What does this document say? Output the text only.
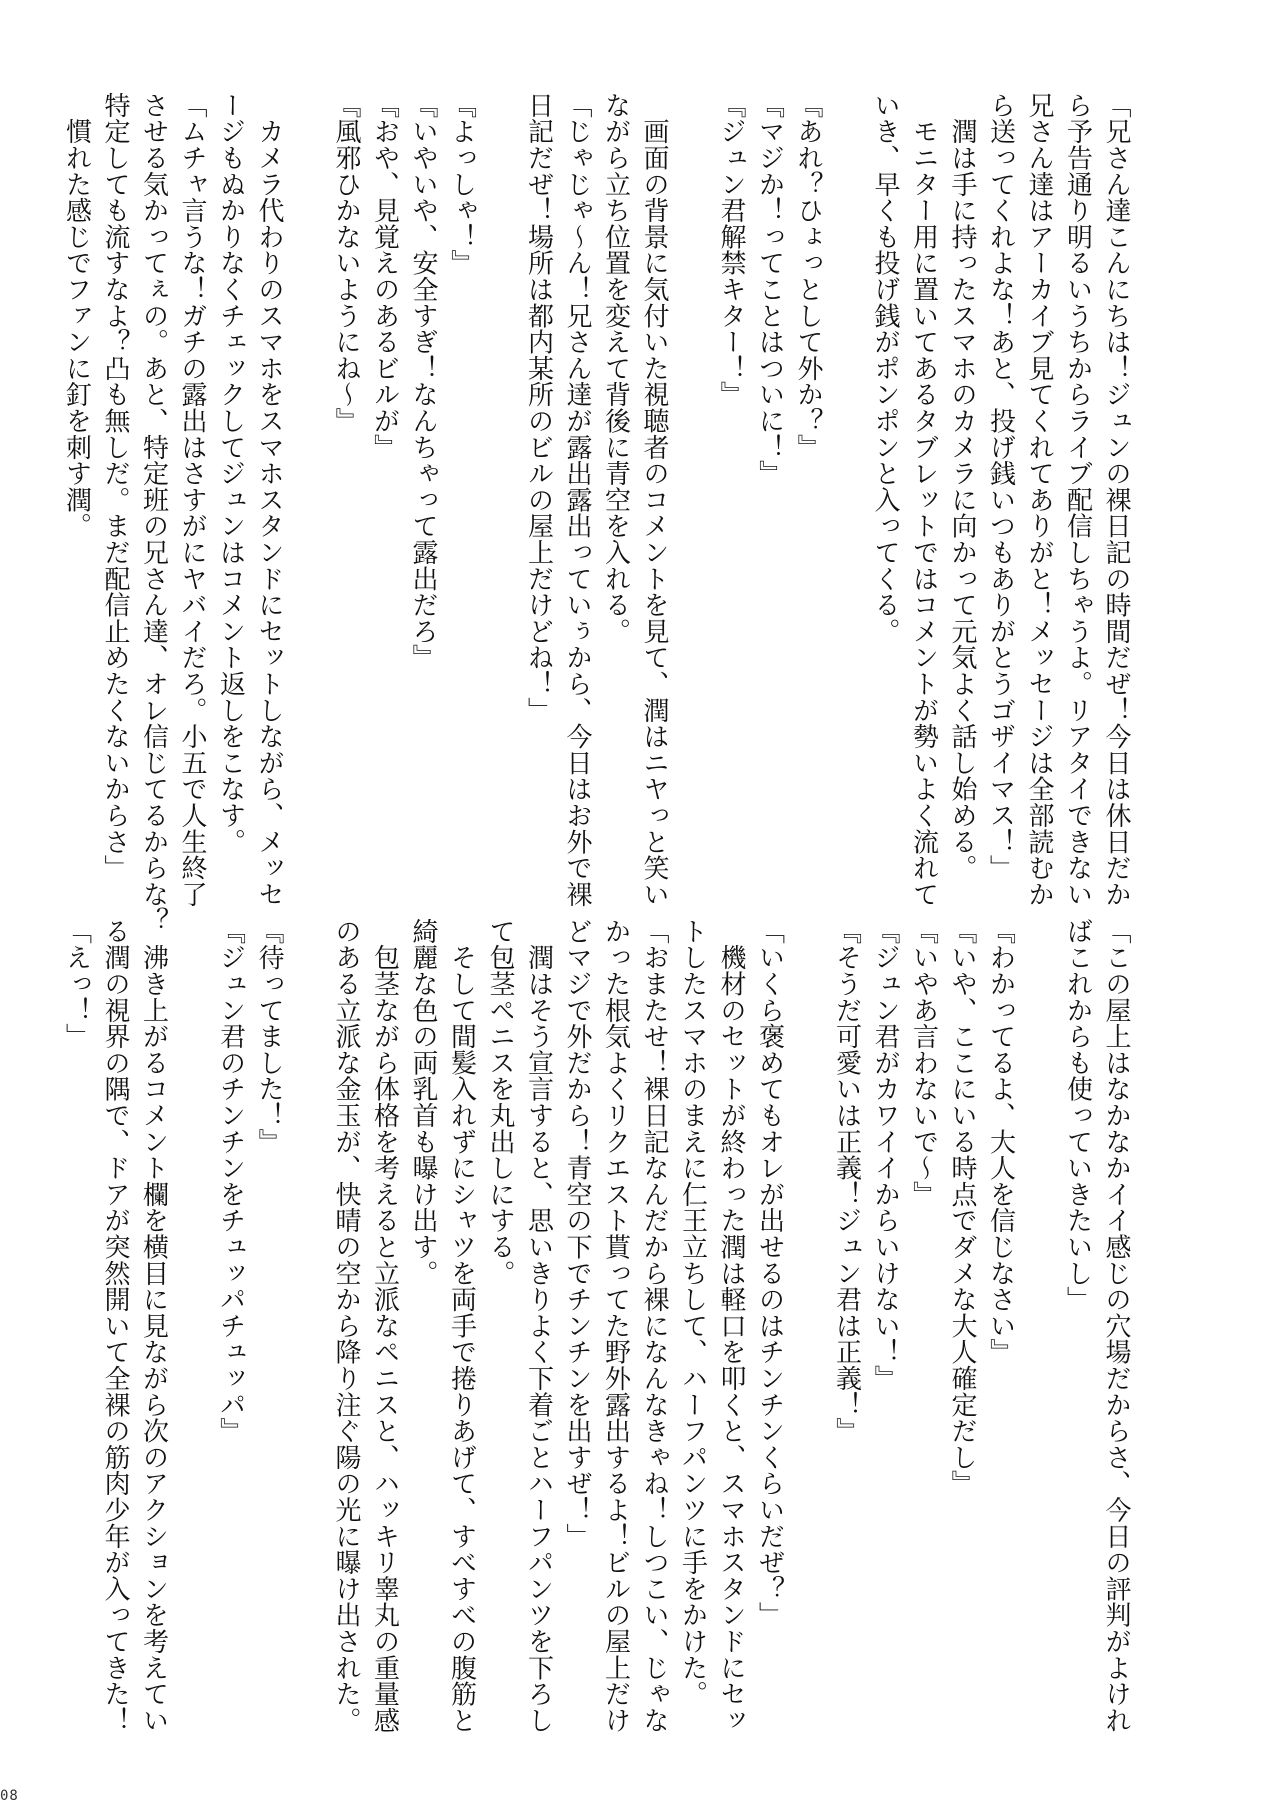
「兄さん達こんにちは！ジュンの裸日記の時間だぜ！今日は休日だか

ら予告通り明るいうちからライブ配信しちゃうよ。リアタイできない

兄さん達はアーカイブ見てくれてありがと！メッセージは全部読むか

ら送ってくれよな！あと、投げ銭いつもありがとうゴザイマス！」

　潤は手に持ったスマホのカメラに向かって元気よく話し始める。

　モニター用に置いてあるタブレットではコメントが勢いよく流れて

いき、早くも投げ銭がポンポンと入ってくる。

『あれ？ひょっとして外か？』

『マジか！ってことはついに！』

『ジュン君解禁キター！』

　画面の背景に気付いた視聴者のコメントを見て、潤はニヤっと笑い

ながら立ち位置を変えて背後に青空を入れる。

「じゃじゃ～ん！兄さん達が露出露出っていぅから、今日はお外で裸

日記だぜ！場所は都内某所のビルの屋上だけどね！」

『よっしゃ！』

『いやいや、安全すぎ！なんちゃって露出だろ』

『おや、見覚えのあるビルが』

『風邪ひかないようにね～』

　カメラ代わりのスマホをスマホスタンドにセットしながら、メッセ

ージもぬかりなくチェックしてジュンはコメント返しをこなす。

「ムチャ言うな！ガチの露出はさすがにヤバイだろ。小五で人生終了

させる気かってぇの。あと、特定班の兄さん達、オレ信じてるからな？

特定しても流すなよ？凸も無しだ。まだ配信止めたくないからさ」

　慣れた感じでファンに釘を刺す潤。

「この屋上はなかなかイイ感じの穴場だからさ、今日の評判がよけれ

ばこれからも使っていきたいし」

『わかってるよ、大人を信じなさい』

『いや、ここにいる時点でダメな大人確定だし』

『いやあ言わないで～』

『ジュン君がカワイイからいけない！』

『そうだ可愛いは正義！ジュン君は正義！』

「いくら褒めてもオレが出せるのはチンチンくらいだぜ？」

　機材のセットが終わった潤は軽口を叩くと、スマホスタンドにセッ

トしたスマホのまえに仁王立ちして、ハーフパンツに手をかけた。

「おまたせ！裸日記なんだから裸になんなきゃね！しつこい、じゃな

かった根気よくリクエスト貰ってた野外露出するよ！ビルの屋上だけ

どマジで外だから！青空の下でチンチンを出すぜ！」

　潤はそう宣言すると、思いきりよく下着ごとハーフパンツを下ろし

て包茎ペニスを丸出しにする。

　そして間髪入れずにシャツを両手で捲りあげて、すべすべの腹筋と

綺麗な色の両乳首も曝け出す。

　包茎ながら体格を考えると立派なペニスと、ハッキリ睾丸の重量感

のある立派な金玉が、快晴の空から降り注ぐ陽の光に曝け出された。

『待ってました！』

『ジュン君のチンチンをチュッパチュッパ』

　沸き上がるコメント欄を横目に見ながら次のアクションを考えてい

る潤の視界の隅で、ドアが突然開いて全裸の筋肉少年が入ってきた！

「えっ！」

08
